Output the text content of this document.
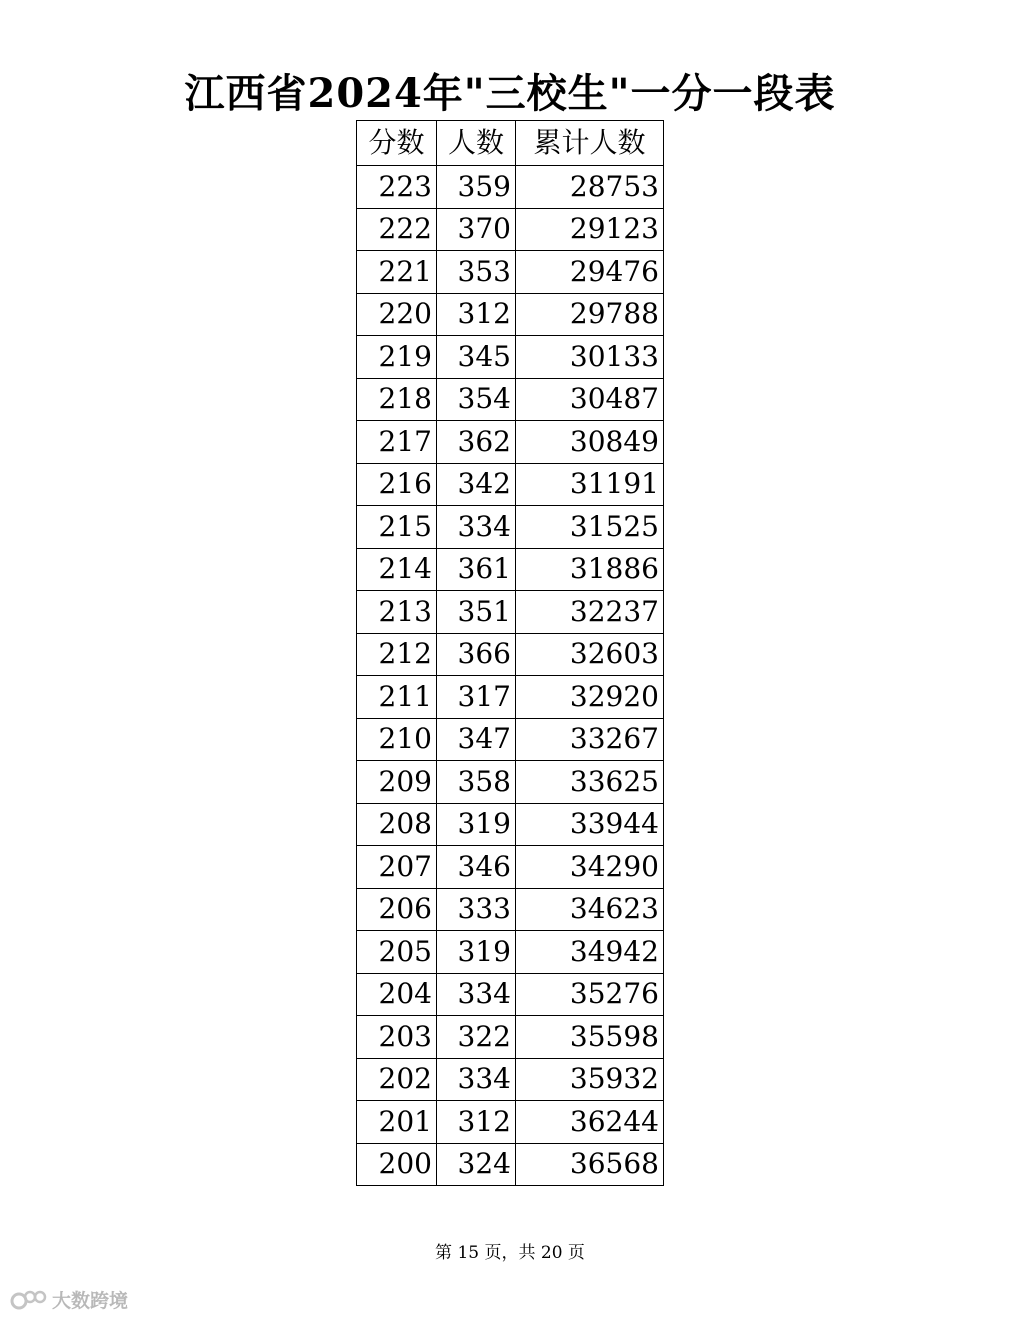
江西省2024年"三校生"一分一段表
分数	人数	累计人数
223	359	28753
222	370	29123
221	353	29476
220	312	29788
219	345	30133
218	354	30487
217	362	30849
216	342	31191
215	334	31525
214	361	31886
213	351	32237
212	366	32603
211	317	32920
210	347	33267
209	358	33625
208	319	33944
207	346	34290
206	333	34623
205	319	34942
204	334	35276
203	322	35598
202	334	35932
201	312	36244
200	324	36568
第 15 页，共 20 页
大数跨境
